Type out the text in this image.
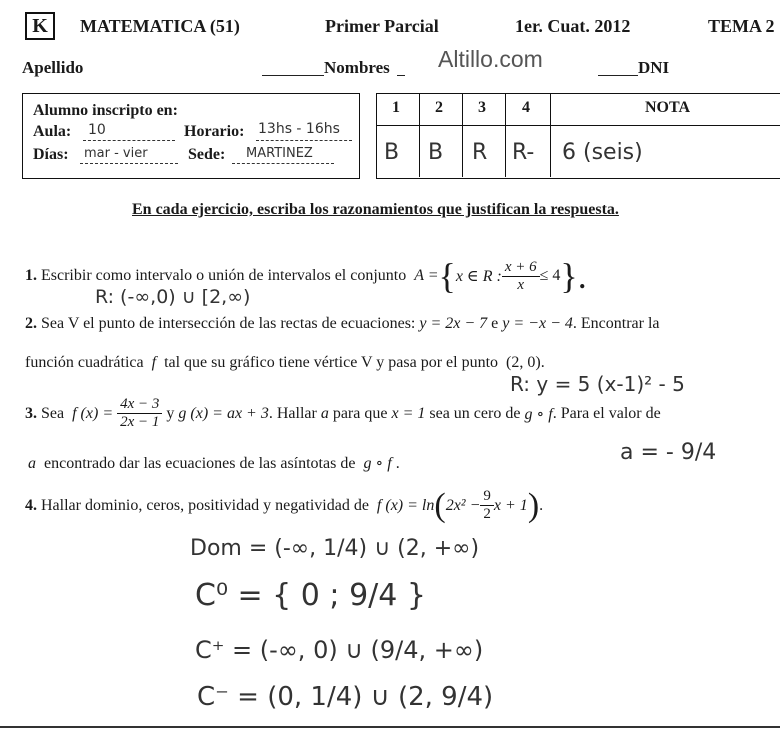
K	MATEMATICA (51)	Primer Parcial	1er. Cuat. 2012	TEMA 2
Apellido	Nombres Altillo.com	DNI
Alumno inscripto en:
Aula: 10	Horario: 13hs - 16hs
Días: mar - vier	Sede: MARTINEZ
1 2 3 4	NOTA
B B R R- 6 (seis)
En cada ejercicio, escriba los razonamientos que justifican la respuesta.
1.
Escribir como intervalo o unión de intervalos el conjunto
A = { x ∈ R : $\frac{x + 6}{x} \le 4$ }.
R: (-∞,0) ∪ [2,∞)
2. Sea V el punto de intersección de las rectas de ecuaciones: y = 2x − 7 e y = −x − 4. Encontrar la
función cuadrática f tal que su gráfico tiene vértice V y pasa por el punto (2, 0).
R: y = 5 (x-1)² - 5
3.
Sea
f (x) =
$\frac{4x - 3}{2x - 1}$
y
g (x) = ax + 3 . Hallar
a
para que
x = 1
sea un cero de
g ∘ f . Para el valor de
a encontrado dar las ecuaciones de las asíntotas de g ∘ f .	a = - 9/4
4.
Hallar dominio, ceros, positividad y negatividad de
f (x) = ln ( $2x^2 - \frac{9}{2}$ x + 1 ) .
Dom = (-∞, 1/4) ∪ (2, +∞)
C⁰ = { 0 ; 9/4 }
C⁺ = (-∞, 0) ∪ (9/4, +∞)
C⁻ = (0, 1/4) ∪ (2, 9/4)
